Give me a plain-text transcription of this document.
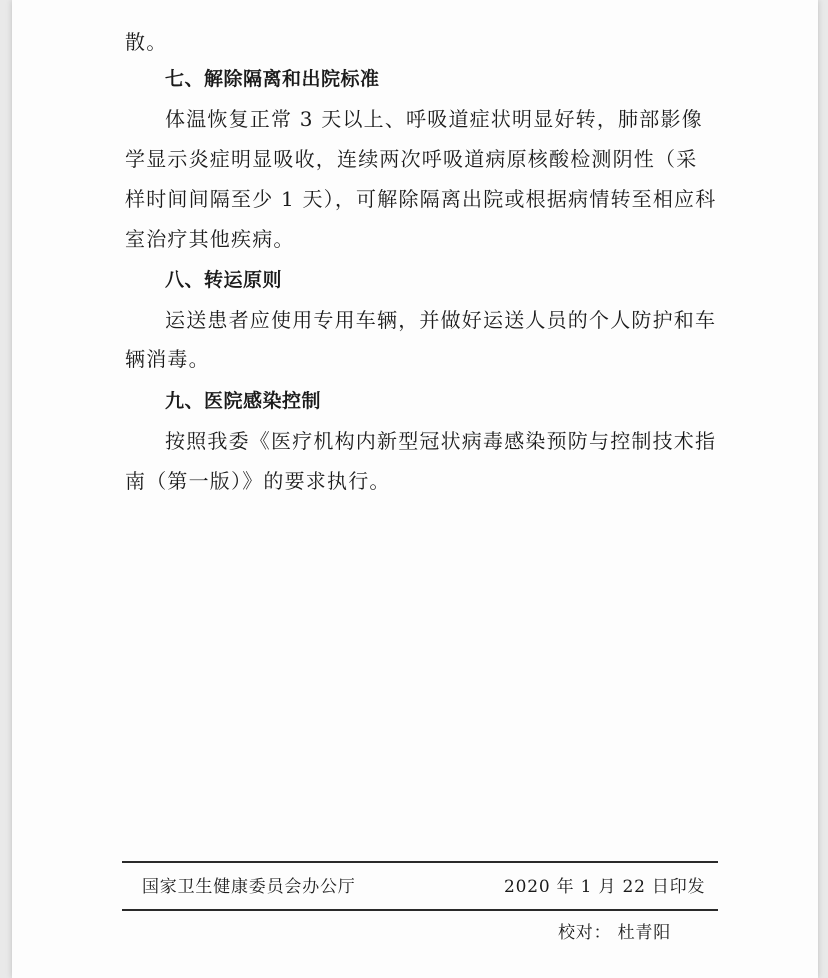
散。
七、解除隔离和出院标准
体温恢复正常 3 天以上、呼吸道症状明显好转，肺部影像
学显示炎症明显吸收，连续两次呼吸道病原核酸检测阴性（采
样时间间隔至少 1 天），可解除隔离出院或根据病情转至相应科
室治疗其他疾病。
八、转运原则
运送患者应使用专用车辆，并做好运送人员的个人防护和车
辆消毒。
九、医院感染控制
按照我委《医疗机构内新型冠状病毒感染预防与控制技术指
南（第一版）》的要求执行。
国家卫生健康委员会办公厅	2020 年 1 月 22 日印发
校对： 杜青阳
